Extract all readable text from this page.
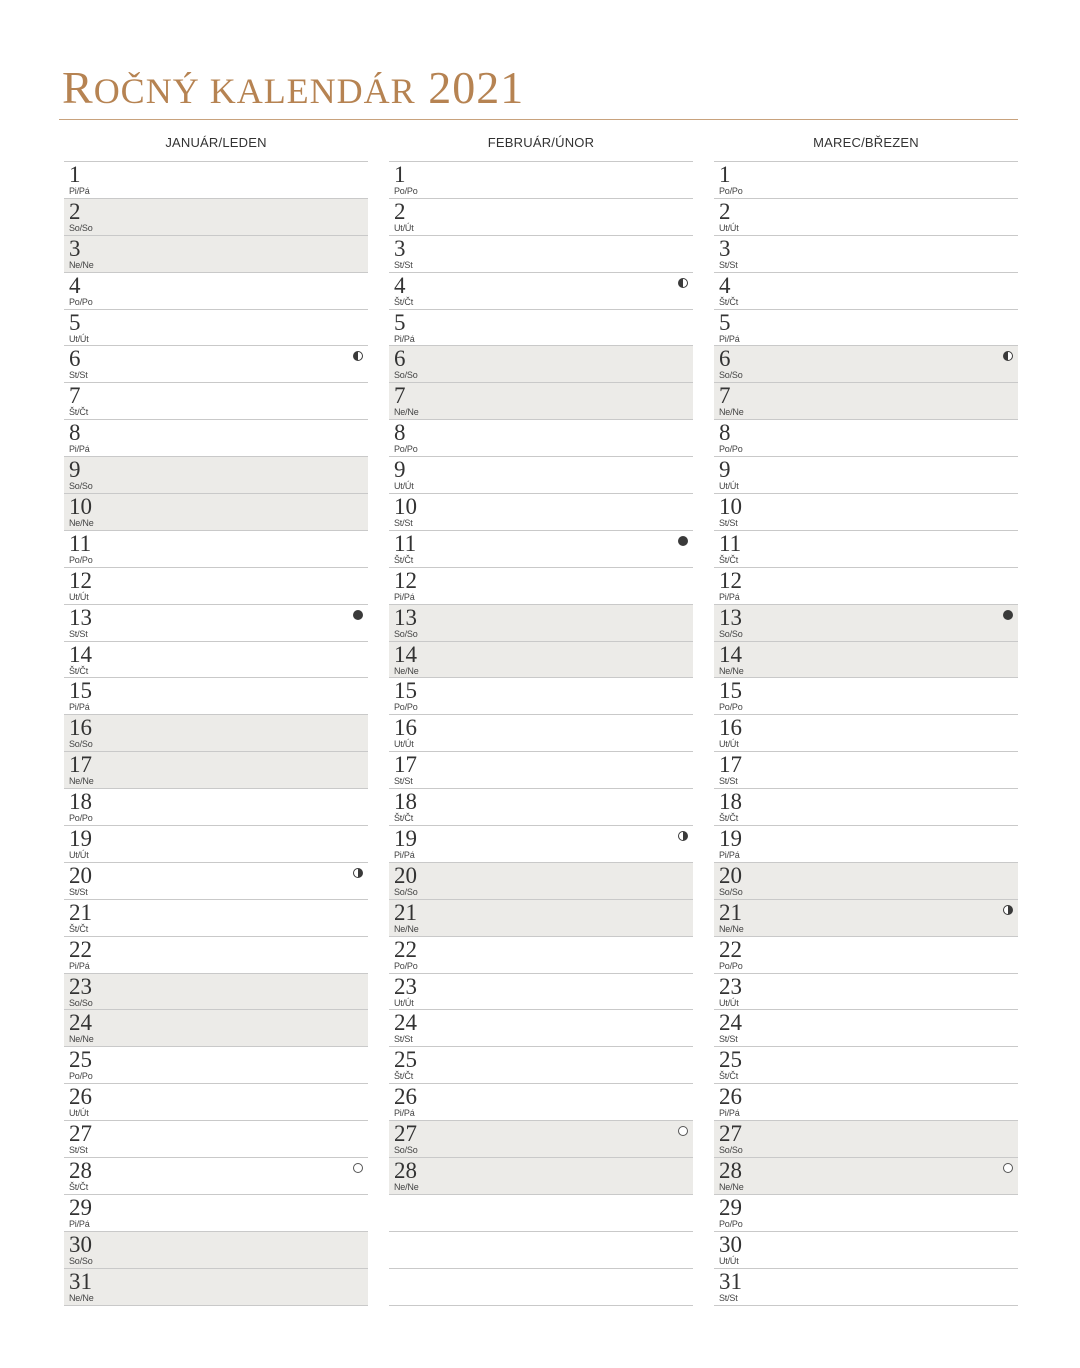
ROČNÝ KALENDÁR 2021
JANUÁR/LEDEN
1
Pi/Pá
2
So/So
3
Ne/Ne
4
Po/Po
5
Ut/Út
6
St/St
7
Št/Čt
8
Pi/Pá
9
So/So
10
Ne/Ne
11
Po/Po
12
Ut/Út
13
St/St
14
Št/Čt
15
Pi/Pá
16
So/So
17
Ne/Ne
18
Po/Po
19
Ut/Út
20
St/St
21
Št/Čt
22
Pi/Pá
23
So/So
24
Ne/Ne
25
Po/Po
26
Ut/Út
27
St/St
28
Št/Čt
29
Pi/Pá
30
So/So
31
Ne/Ne
FEBRUÁR/ÚNOR
1
Po/Po
2
Ut/Út
3
St/St
4
Št/Čt
5
Pi/Pá
6
So/So
7
Ne/Ne
8
Po/Po
9
Ut/Út
10
St/St
11
Št/Čt
12
Pi/Pá
13
So/So
14
Ne/Ne
15
Po/Po
16
Ut/Út
17
St/St
18
Št/Čt
19
Pi/Pá
20
So/So
21
Ne/Ne
22
Po/Po
23
Ut/Út
24
St/St
25
Št/Čt
26
Pi/Pá
27
So/So
28
Ne/Ne
MAREC/BŘEZEN
1
Po/Po
2
Ut/Út
3
St/St
4
Št/Čt
5
Pi/Pá
6
So/So
7
Ne/Ne
8
Po/Po
9
Ut/Út
10
St/St
11
Št/Čt
12
Pi/Pá
13
So/So
14
Ne/Ne
15
Po/Po
16
Ut/Út
17
St/St
18
Št/Čt
19
Pi/Pá
20
So/So
21
Ne/Ne
22
Po/Po
23
Ut/Út
24
St/St
25
Št/Čt
26
Pi/Pá
27
So/So
28
Ne/Ne
29
Po/Po
30
Ut/Út
31
St/St
